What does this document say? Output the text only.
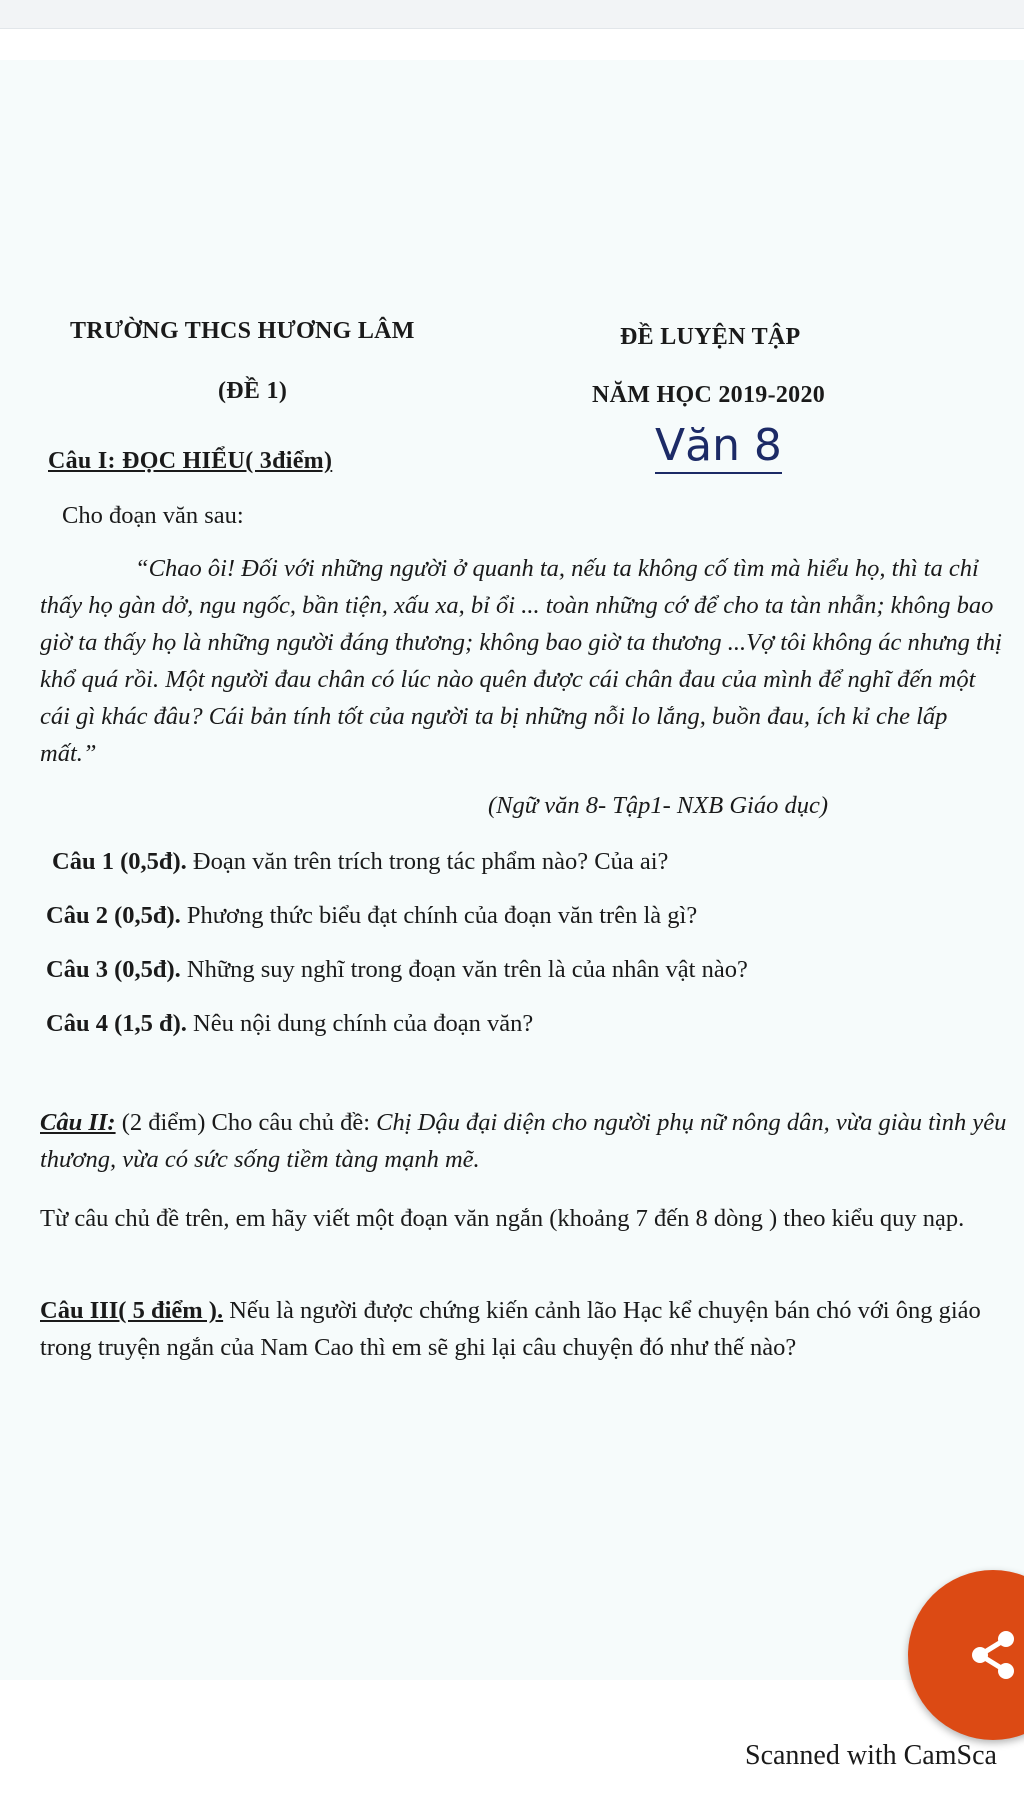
TRƯỜNG THCS HƯƠNG LÂM	ĐỀ LUYỆN TẬP
(ĐỀ 1)	NĂM HỌC 2019-2020
Câu I: ĐỌC HIỂU( 3điểm)	Văn 8
Cho đoạn văn sau:
“Chao ôi! Đối với những người ở quanh ta, nếu ta không cố tìm mà hiểu họ, thì ta chỉ thấy họ gàn dở, ngu ngốc, bần tiện, xấu xa, bỉ ổi ... toàn những cớ để cho ta tàn nhẫn; không bao giờ ta thấy họ là những người đáng thương; không bao giờ ta thương ...Vợ tôi không ác nhưng thị khổ quá rồi. Một người đau chân có lúc nào quên được cái chân đau của mình để nghĩ đến một cái gì khác đâu? Cái bản tính tốt của người ta bị những nỗi lo lắng, buồn đau, ích kỉ che lấp mất.”
(Ngữ văn 8- Tập1- NXB Giáo dục)
Câu 1 (0,5đ). Đoạn văn trên trích trong tác phẩm nào? Của ai?
Câu 2 (0,5đ). Phương thức biểu đạt chính của đoạn văn trên là gì?
Câu 3 (0,5đ). Những suy nghĩ trong đoạn văn trên là của nhân vật nào?
Câu 4 (1,5 đ). Nêu nội dung chính của đoạn văn?
Câu II: (2 điểm) Cho câu chủ đề: Chị Dậu đại diện cho người phụ nữ nông dân, vừa giàu tình yêu thương, vừa có sức sống tiềm tàng mạnh mẽ.
Từ câu chủ đề trên, em hãy viết một đoạn văn ngắn (khoảng 7 đến 8 dòng ) theo kiểu quy nạp.
Câu III( 5 điểm ). Nếu là người được chứng kiến cảnh lão Hạc kể chuyện bán chó với ông giáo trong truyện ngắn của Nam Cao thì em sẽ ghi lại câu chuyện đó như thế nào?
Scanned with CamSca
